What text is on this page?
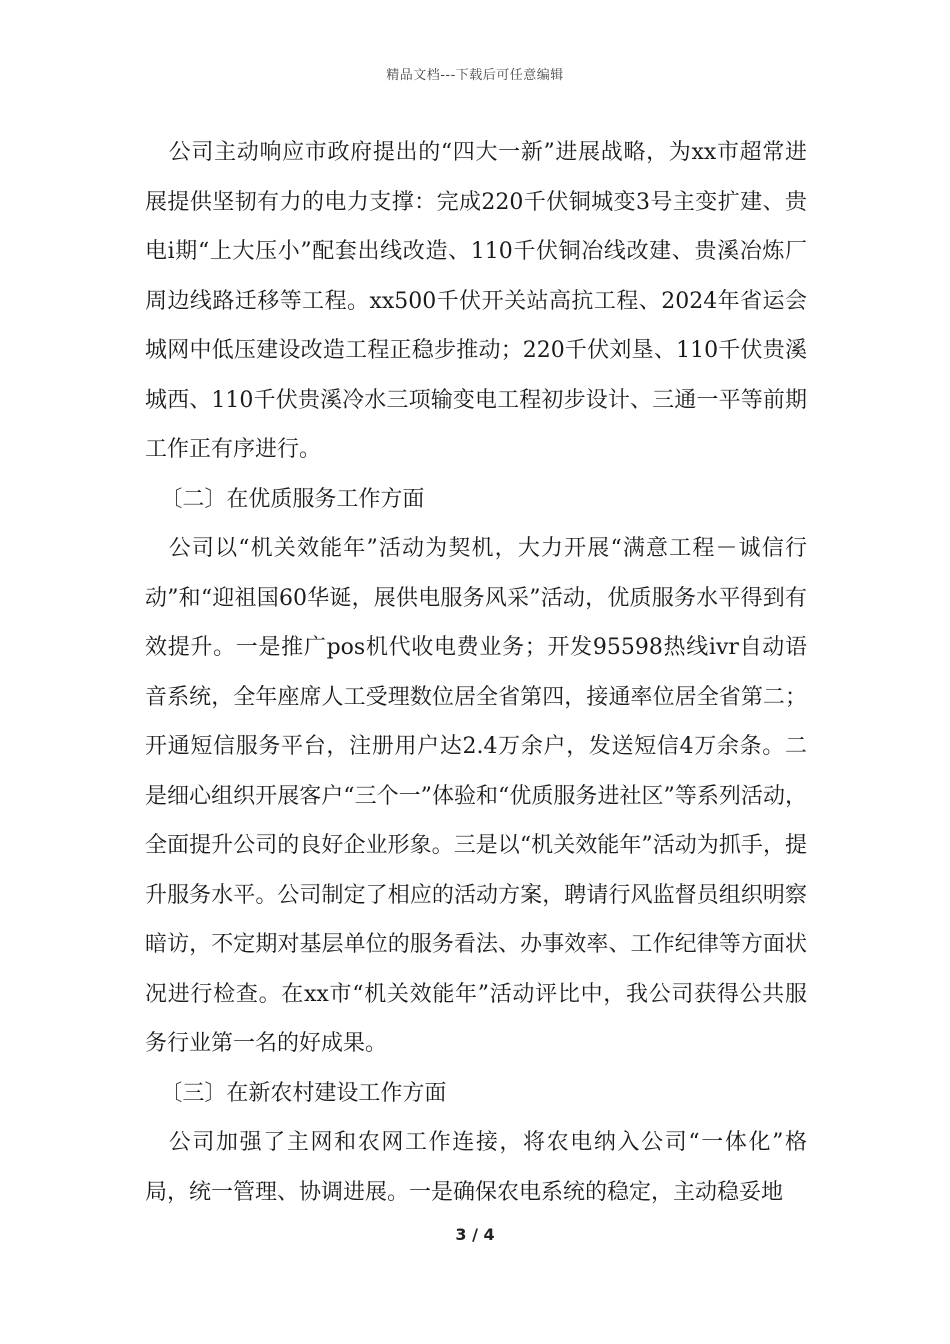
精品文档---下载后可任意编辑

公司主动响应市政府提出的“四大一新”进展战略，为xx市超常进展提供坚韧有力的电力支撑：完成220千伏铜城变3号主变扩建、贵电i期“上大压小”配套出线改造、110千伏铜冶线改建、贵溪冶炼厂周边线路迁移等工程。xx500千伏开关站高抗工程、2024年省运会城网中低压建设改造工程正稳步推动；220千伏刘垦、110千伏贵溪城西、110千伏贵溪冷水三项输变电工程初步设计、三通一平等前期工作正有序进行。

〔二〕在优质服务工作方面

公司以“机关效能年”活动为契机，大力开展“满意工程－诚信行动”和“迎祖国60华诞，展供电服务风采”活动，优质服务水平得到有效提升。一是推广pos机代收电费业务；开发95598热线ivr自动语音系统，全年座席人工受理数位居全省第四，接通率位居全省第二；开通短信服务平台，注册用户达2.4万余户，发送短信4万余条。二是细心组织开展客户“三个一”体验和“优质服务进社区”等系列活动，全面提升公司的良好企业形象。三是以“机关效能年”活动为抓手，提升服务水平。公司制定了相应的活动方案，聘请行风监督员组织明察暗访，不定期对基层单位的服务看法、办事效率、工作纪律等方面状况进行检查。在xx市“机关效能年”活动评比中，我公司获得公共服务行业第一名的好成果。

〔三〕在新农村建设工作方面

公司加强了主网和农网工作连接，将农电纳入公司“一体化”格局，统一管理、协调进展。一是确保农电系统的稳定，主动稳妥地

3 / 4
